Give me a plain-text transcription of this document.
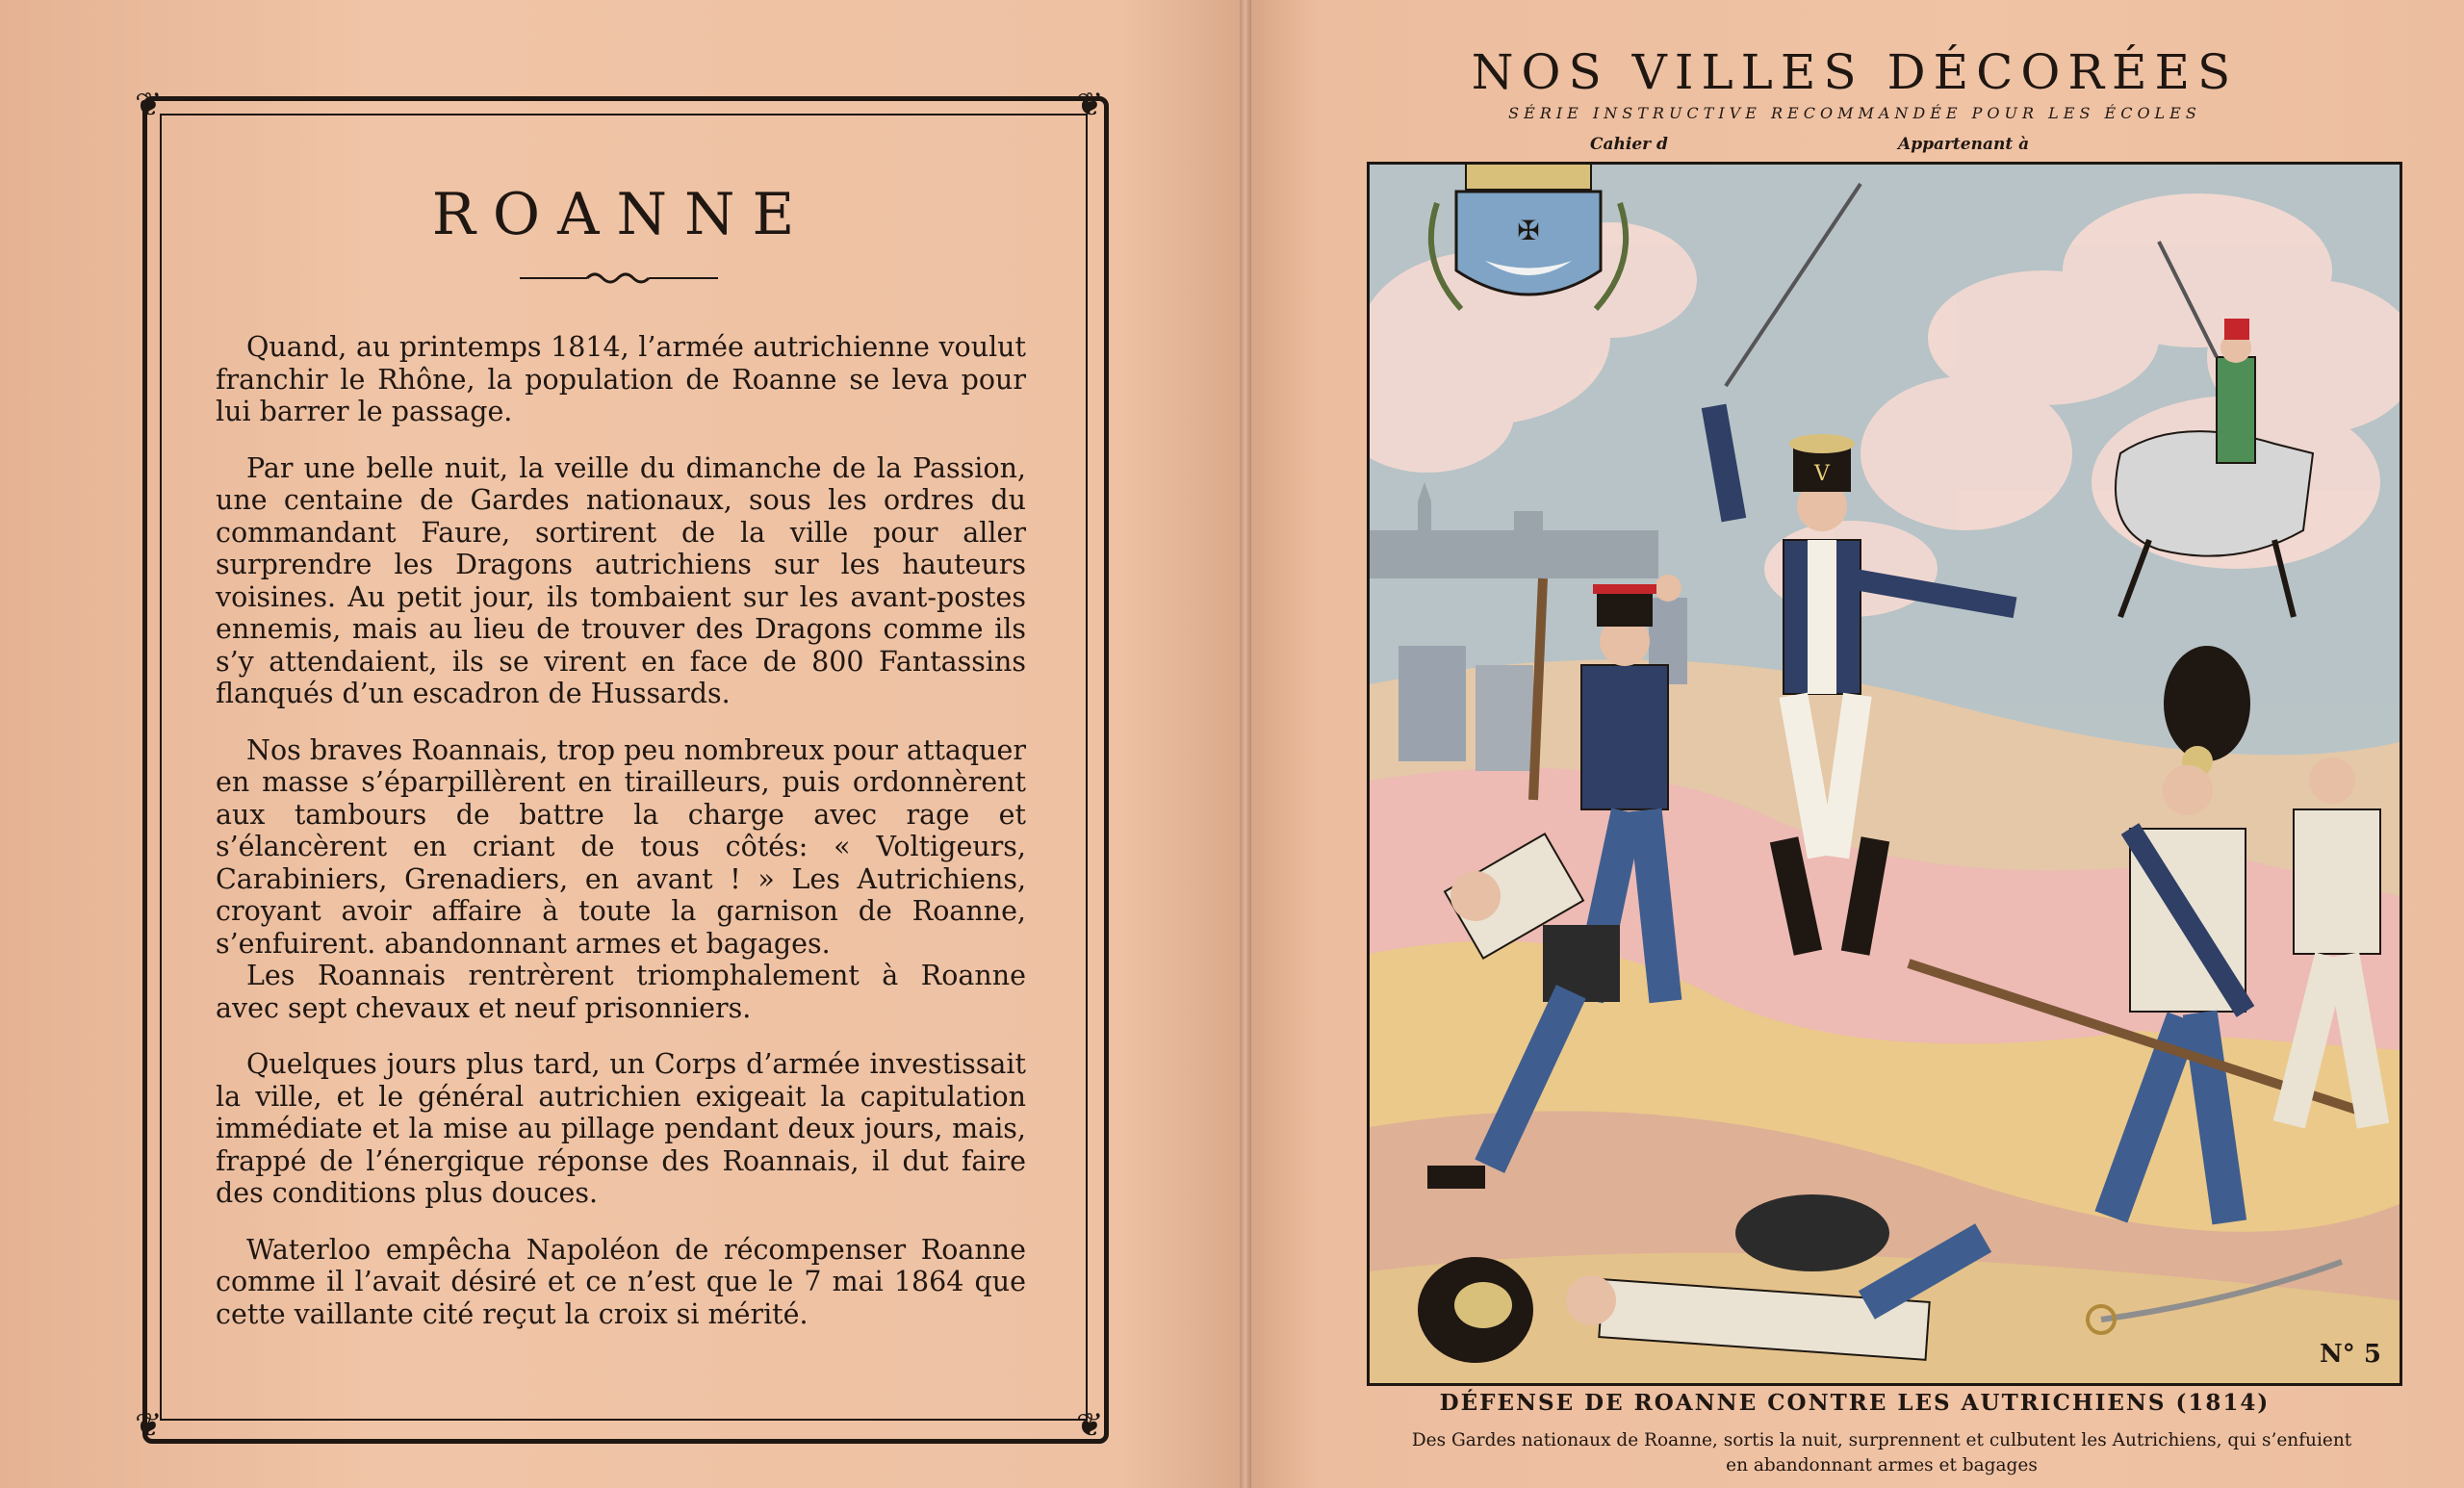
❦	❦
❦	❦
ROANNE

Quand, au printemps 1814, l’armée autrichienne voulut franchir le Rhône, la population de Roanne se leva pour lui barrer le passage.

Par une belle nuit, la veille du dimanche de la Passion, une centaine de Gardes nationaux, sous les ordres du commandant Faure, sortirent de la ville pour aller surprendre les Dragons autrichiens sur les hauteurs voisines. Au petit jour, ils tombaient sur les avant-postes ennemis, mais au lieu de trouver des Dragons comme ils s’y attendaient, ils se virent en face de 800 Fantassins flanqués d’un escadron de Hussards.

Nos braves Roannais, trop peu nombreux pour attaquer en masse s’éparpillèrent en tirailleurs, puis ordonnèrent aux tambours de battre la charge avec rage et s’élancèrent en criant de tous côtés: « Voltigeurs, Carabiniers, Grenadiers, en avant ! » Les Autrichiens, croyant avoir affaire à toute la garnison de Roanne, s’enfuirent. abandonnant armes et bagages.

Les Roannais rentrèrent triomphalement à Roanne avec sept chevaux et neuf prisonniers.

Quelques jours plus tard, un Corps d’armée investissait la ville, et le général autrichien exigeait la capitulation immédiate et la mise au pillage pendant deux jours, mais, frappé de l’énergique réponse des Roannais, il dut faire des conditions plus douces.

Waterloo empêcha Napoléon de récompenser Roanne comme il l’avait désiré et ce n’est que le 7 mai 1864 que cette vaillante cité reçut la croix si mérité.

NOS VILLES DÉCORÉES
SÉRIE INSTRUCTIVE RECOMMANDÉE POUR LES ÉCOLES
Cahier d	Appartenant à
✠
V
N° 5
DÉFENSE DE ROANNE CONTRE LES AUTRICHIENS (1814)
Des Gardes nationaux de Roanne, sortis la nuit, surprennent et culbutent les Autrichiens, qui s’enfuient
en abandonnant armes et bagages
